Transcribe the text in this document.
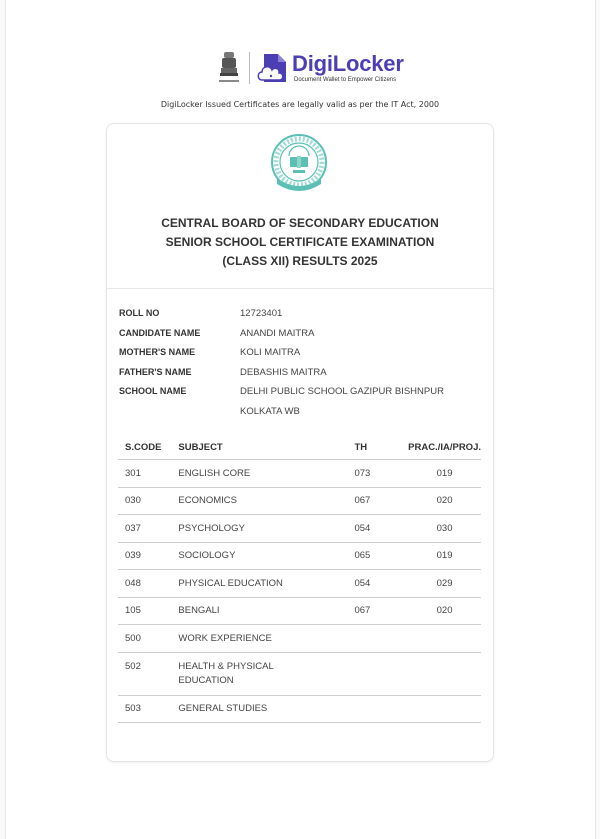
DigiLocker
Document Wallet to Empower Citizens
DigiLocker Issued Certificates are legally valid as per the IT Act, 2000
CENTRAL BOARD OF SECONDARY EDUCATION
SENIOR SCHOOL CERTIFICATE EXAMINATION
(CLASS XII) RESULTS 2025
ROLL NO	12723401
CANDIDATE NAME	ANANDI MAITRA
MOTHER'S NAME	KOLI MAITRA
FATHER'S NAME	DEBASHIS MAITRA
SCHOOL NAME	DELHI PUBLIC SCHOOL GAZIPUR BISHNPUR
KOLKATA WB
S.CODE	SUBJECT	TH	PRAC./IA/PROJ.
301	ENGLISH CORE	073	019
030	ECONOMICS	067	020
037	PSYCHOLOGY	054	030
039	SOCIOLOGY	065	019
048	PHYSICAL EDUCATION	054	029
105	BENGALI	067	020
500	WORK EXPERIENCE		
502	HEALTH & PHYSICAL
EDUCATION		

503	GENERAL STUDIES		
